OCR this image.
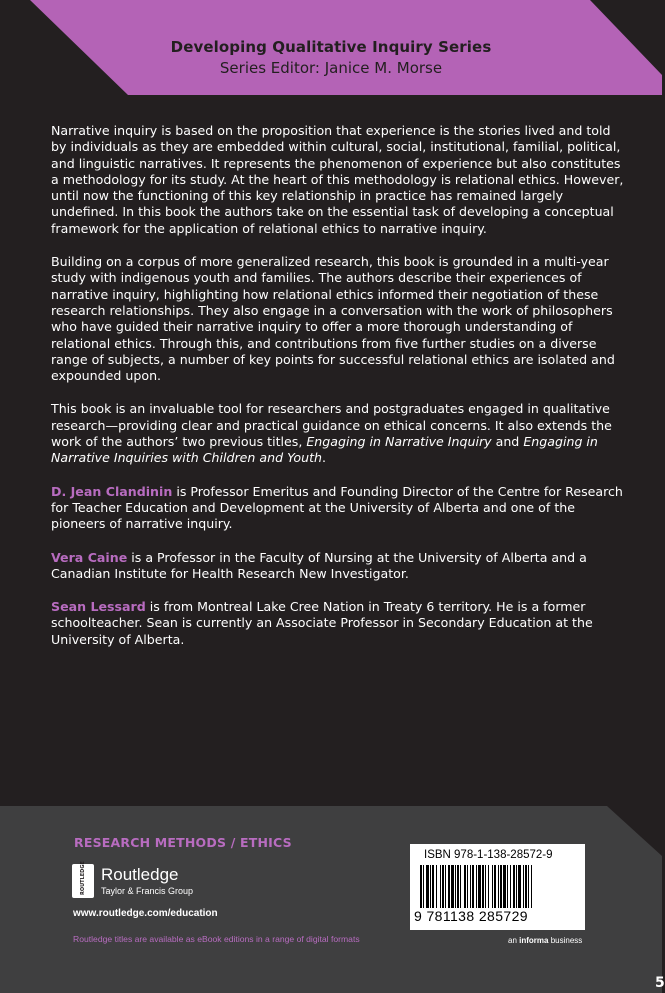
Developing Qualitative Inquiry Series
Series Editor: Janice M. Morse

Narrative inquiry is based on the proposition that experience is the stories lived and told by individuals as they are embedded within cultural, social, institutional, familial, political, and linguistic narratives. It represents the phenomenon of experience but also constitutes a methodology for its study. At the heart of this methodology is relational ethics. However, until now the functioning of this key relationship in practice has remained largely undefined. In this book the authors take on the essential task of developing a conceptual framework for the application of relational ethics to narrative inquiry.

Building on a corpus of more generalized research, this book is grounded in a multi-year study with indigenous youth and families. The authors describe their experiences of narrative inquiry, highlighting how relational ethics informed their negotiation of these research relationships. They also engage in a conversation with the work of philosophers who have guided their narrative inquiry to offer a more thorough understanding of relational ethics. Through this, and contributions from five further studies on a diverse range of subjects, a number of key points for successful relational ethics are isolated and expounded upon.

This book is an invaluable tool for researchers and postgraduates engaged in qualitative research—providing clear and practical guidance on ethical concerns. It also extends the work of the authors’ two previous titles, Engaging in Narrative Inquiry and Engaging in Narrative Inquiries with Children and Youth.

D. Jean Clandinin is Professor Emeritus and Founding Director of the Centre for Research for Teacher Education and Development at the University of Alberta and one of the pioneers of narrative inquiry.

Vera Caine is a Professor in the Faculty of Nursing at the University of Alberta and a Canadian Institute for Health Research New Investigator.

Sean Lessard is from Montreal Lake Cree Nation in Treaty 6 territory. He is a former schoolteacher. Sean is currently an Associate Professor in Secondary Education at the University of Alberta.

RESEARCH METHODS / ETHICS
ROUTLEDGE Routledge
Taylor & Francis Group
www.routledge.com/education
Routledge titles are available as eBook editions in a range of digital formats
ISBN 978-1-138-28572-9
9 781138 285729
an informa business
5
